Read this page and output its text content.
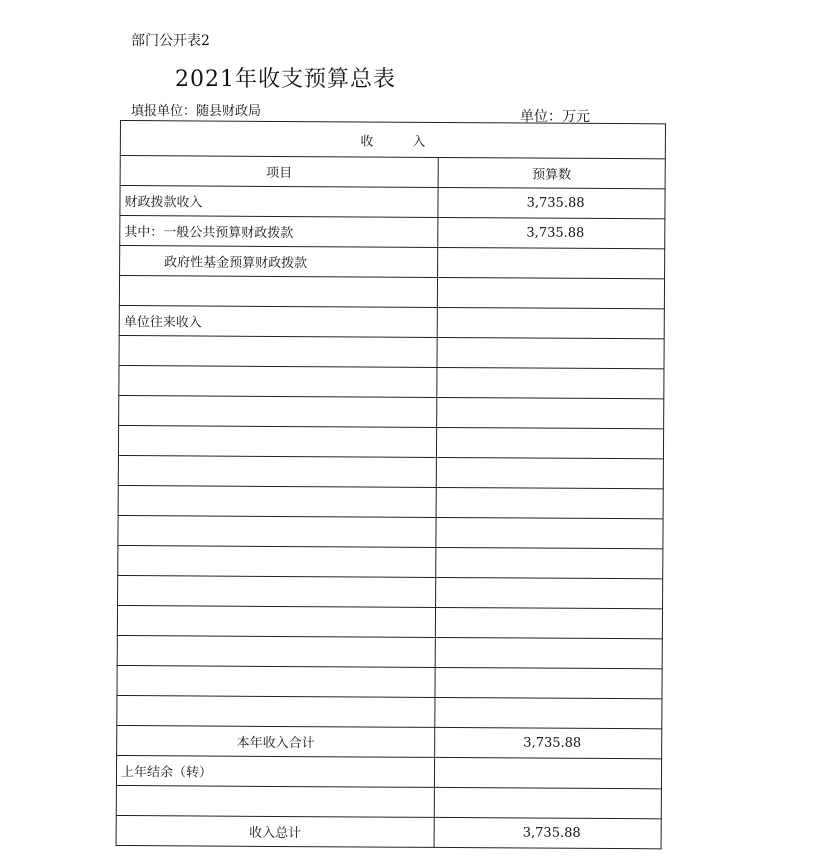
部门公开表2
2021年收支预算总表
填报单位：随县财政局	单位：万元
收　　　入	
项目	预算数
财政拨款收入	3,735.88
其中：一般公共预算财政拨款	3,735.88
政府性基金预算财政拨款	

单位往来收入	

本年收入合计	3,735.88
上年结余（转）	

收入总计	3,735.88
